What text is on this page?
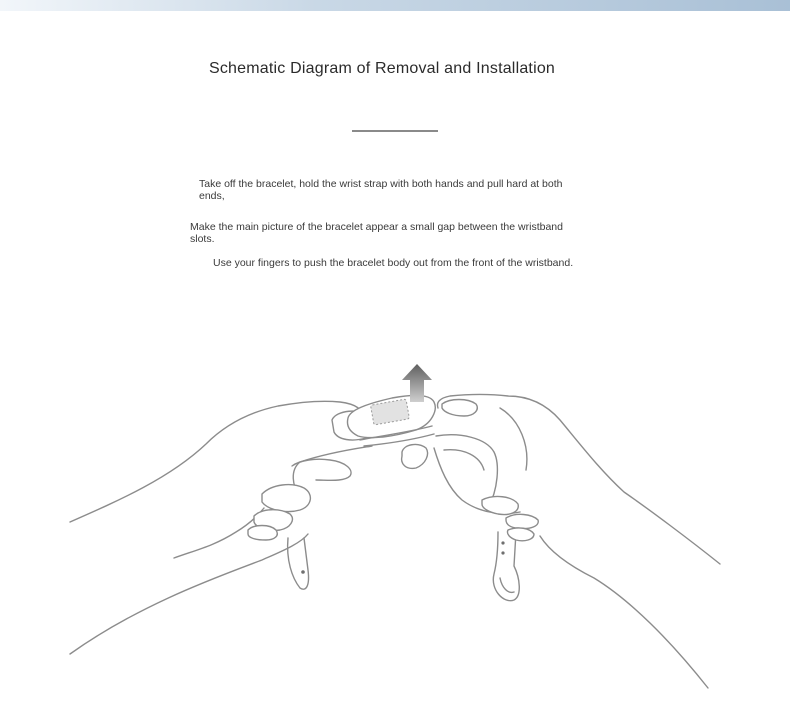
Schematic Diagram of Removal and Installation
Take off the bracelet, hold the wrist strap with both hands and pull hard at both ends,
Make the main picture of the bracelet appear a small gap between the wristband slots.
Use your fingers to push the bracelet body out from the front of the wristband.
